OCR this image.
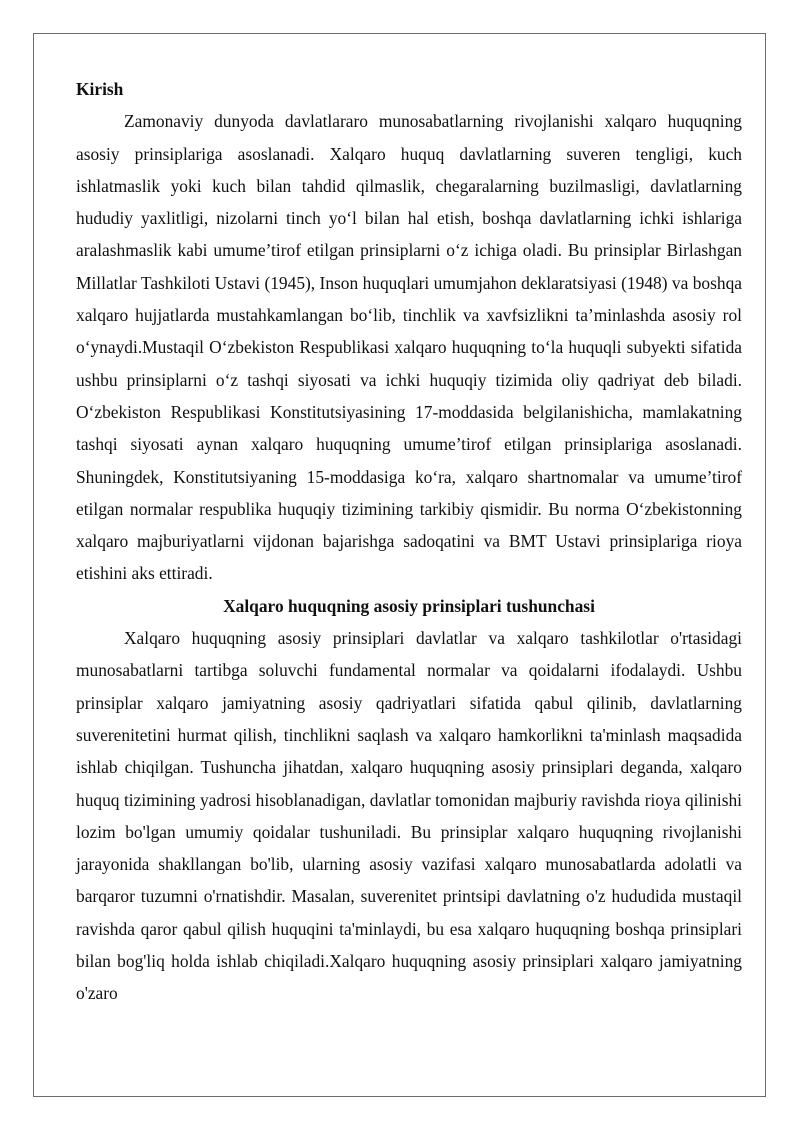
Kirish

Zamonaviy dunyoda davlatlararo munosabatlarning rivojlanishi xalqaro huquqning asosiy prinsiplariga asoslanadi. Xalqaro huquq davlatlarning suveren tengligi, kuch ishlatmaslik yoki kuch bilan tahdid qilmaslik, chegaralarning buzilmasligi, davlatlarning hududiy yaxlitligi, nizolarni tinch yo‘l bilan hal etish, boshqa davlatlarning ichki ishlariga aralashmaslik kabi umume’tirof etilgan prinsiplarni o‘z ichiga oladi. Bu prinsiplar Birlashgan Millatlar Tashkiloti Ustavi (1945), Inson huquqlari umumjahon deklaratsiyasi (1948) va boshqa xalqaro hujjatlarda mustahkamlangan bo‘lib, tinchlik va xavfsizlikni ta’minlashda asosiy rol o‘ynaydi.Mustaqil O‘zbekiston Respublikasi xalqaro huquqning to‘la huquqli subyekti sifatida ushbu prinsiplarni o‘z tashqi siyosati va ichki huquqiy tizimida oliy qadriyat deb biladi. O‘zbekiston Respublikasi Konstitutsiyasining 17-moddasida belgilanishicha, mamlakatning tashqi siyosati aynan xalqaro huquqning umume’tirof etilgan prinsiplariga asoslanadi. Shuningdek, Konstitutsiyaning 15-moddasiga ko‘ra, xalqaro shartnomalar va umume’tirof etilgan normalar respublika huquqiy tizimining tarkibiy qismidir. Bu norma O‘zbekistonning xalqaro majburiyatlarni vijdonan bajarishga sadoqatini va BMT Ustavi prinsiplariga rioya etishini aks ettiradi.

Xalqaro huquqning asosiy prinsiplari tushunchasi

Xalqaro huquqning asosiy prinsiplari davlatlar va xalqaro tashkilotlar o'rtasidagi munosabatlarni tartibga soluvchi fundamental normalar va qoidalarni ifodalaydi. Ushbu prinsiplar xalqaro jamiyatning asosiy qadriyatlari sifatida qabul qilinib, davlatlarning suverenitetini hurmat qilish, tinchlikni saqlash va xalqaro hamkorlikni ta'minlash maqsadida ishlab chiqilgan. Tushuncha jihatdan, xalqaro huquqning asosiy prinsiplari deganda, xalqaro huquq tizimining yadrosi hisoblanadigan, davlatlar tomonidan majburiy ravishda rioya qilinishi lozim bo'lgan umumiy qoidalar tushuniladi. Bu prinsiplar xalqaro huquqning rivojlanishi jarayonida shakllangan bo'lib, ularning asosiy vazifasi xalqaro munosabatlarda adolatli va barqaror tuzumni o'rnatishdir. Masalan, suverenitet printsipi davlatning o'z hududida mustaqil ravishda qaror qabul qilish huquqini ta'minlaydi, bu esa xalqaro huquqning boshqa prinsiplari bilan bog'liq holda ishlab chiqiladi.Xalqaro huquqning asosiy prinsiplari xalqaro jamiyatning o'zaro
